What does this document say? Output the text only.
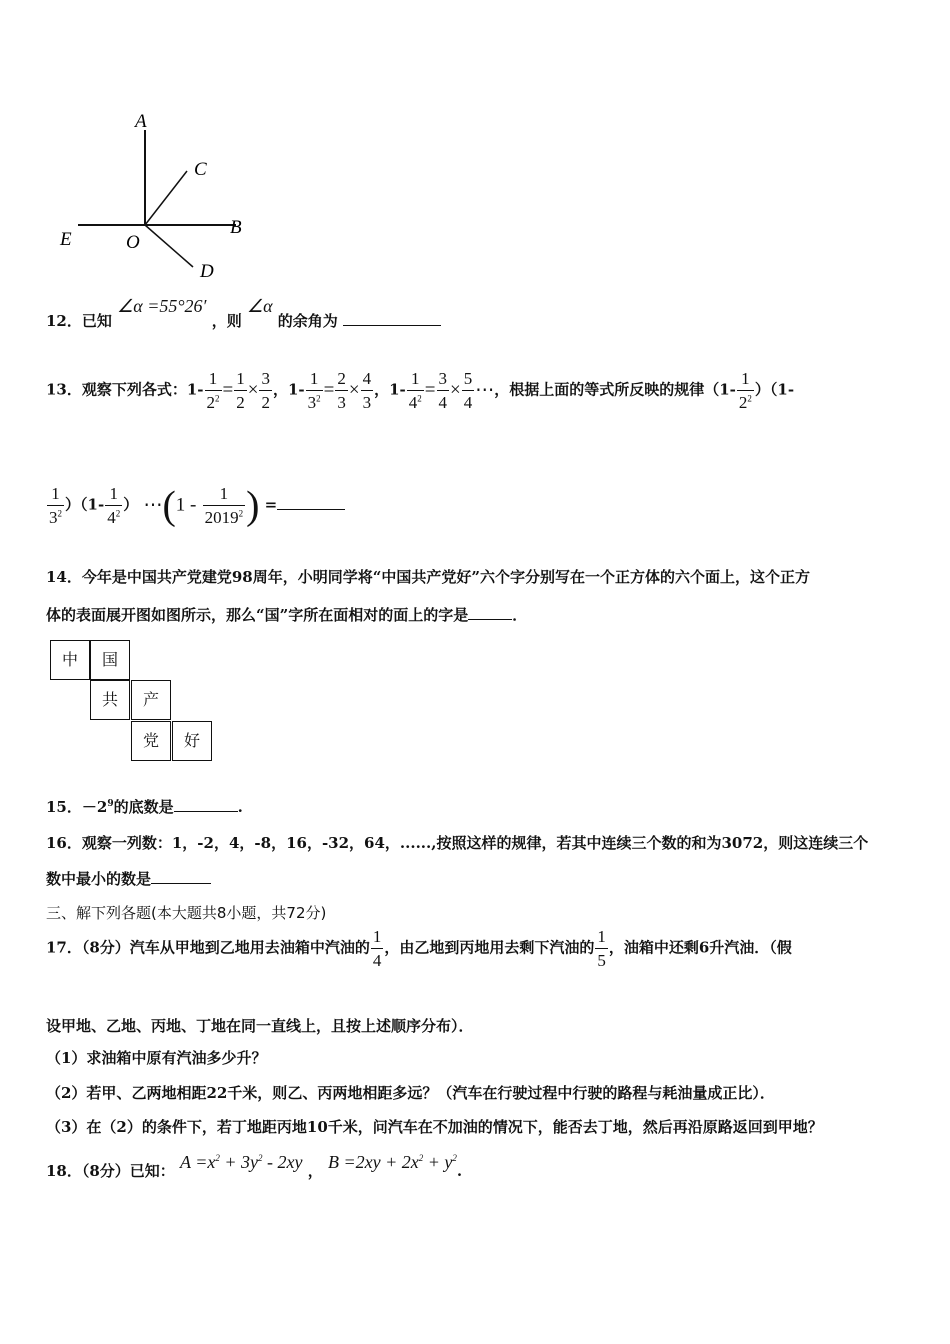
A
C
B
E	O
D
12．已知 ∠α =55°26′ ，则 ∠α 的余角为
13．观察下列各式：$1- \frac{1}{2^2} = \frac{1}{2} \times \frac{3}{2}$ ，$1- \frac{1}{3^2} = \frac{2}{3} \times \frac{4}{3}$ ，$1- \frac{1}{4^2} = \frac{3}{4} \times \frac{5}{4}$ ⋯，根据上面的等式所反映的规律$(1- \frac{1}{2^2} )(1-$
$\frac{1}{3^2} )(1- \frac{1}{4^2}$ ） ⋯(1 - $\frac{1}{2019^2}$ ) =
14．今年是中国共产党建党98周年，小明同学将“中国共产党好”六个字分别写在一个正方体的六个面上，这个正方
体的表面展开图如图所示，那么“国”字所在面相对的面上的字是	．
中	国
共	产
党	好
15．$-2^9$的底数是	.
16．观察一列数：1，-2，4，-8，16，-32，64，......,按照这样的规律，若其中连续三个数的和为3072，则这连续三个
数中最小的数是
三、解下列各题(本大题共8小题，共72分)
17．（8分）汽车从甲地到乙地用去油箱中汽油的 $\frac{1}{4}$ ，由乙地到丙地用去剩下汽油的 $\frac{1}{5}$ ，油箱中还剩6升汽油．（假
设甲地、乙地、丙地、丁地在同一直线上，且按上述顺序分布）．
（1）求油箱中原有汽油多少升？
（2）若甲、乙两地相距22千米，则乙、丙两地相距多远？（汽车在行驶过程中行驶的路程与耗油量成正比）．
（3）在（2）的条件下，若丁地距丙地10千米，问汽车在不加油的情况下，能否去丁地，然后再沿原路返回到甲地？
18．（8分）已知： $A =x^2 + 3y^2 - 2xy$ ， $B =2xy + 2x^2 + y^2$.
